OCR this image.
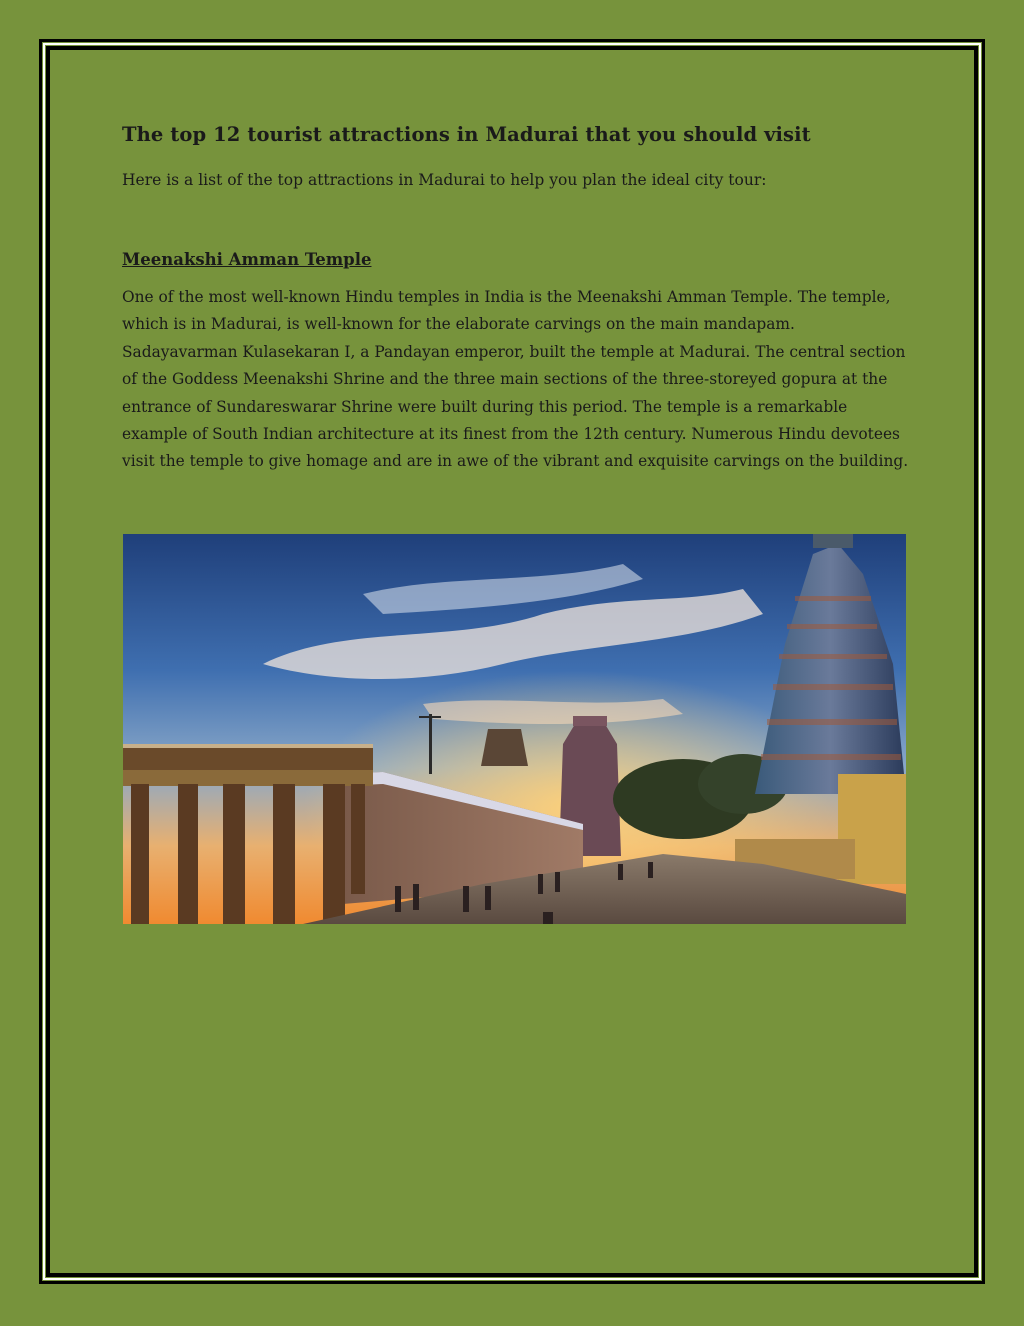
The top 12 tourist attractions in Madurai that you should visit

Here is a list of the top attractions in Madurai to help you plan the ideal city tour:

Meenakshi Amman Temple

One of the most well-known Hindu temples in India is the Meenakshi Amman Temple. The temple, which is in Madurai, is well-known for the elaborate carvings on the main mandapam. Sadayavarman Kulasekaran I, a Pandayan emperor, built the temple at Madurai. The central section of the Goddess Meenakshi Shrine and the three main sections of the three-storeyed gopura at the entrance of Sundareswarar Shrine were built during this period. The temple is a remarkable example of South Indian architecture at its finest from the 12th century. Numerous Hindu devotees visit the temple to give homage and are in awe of the vibrant and exquisite carvings on the building.
